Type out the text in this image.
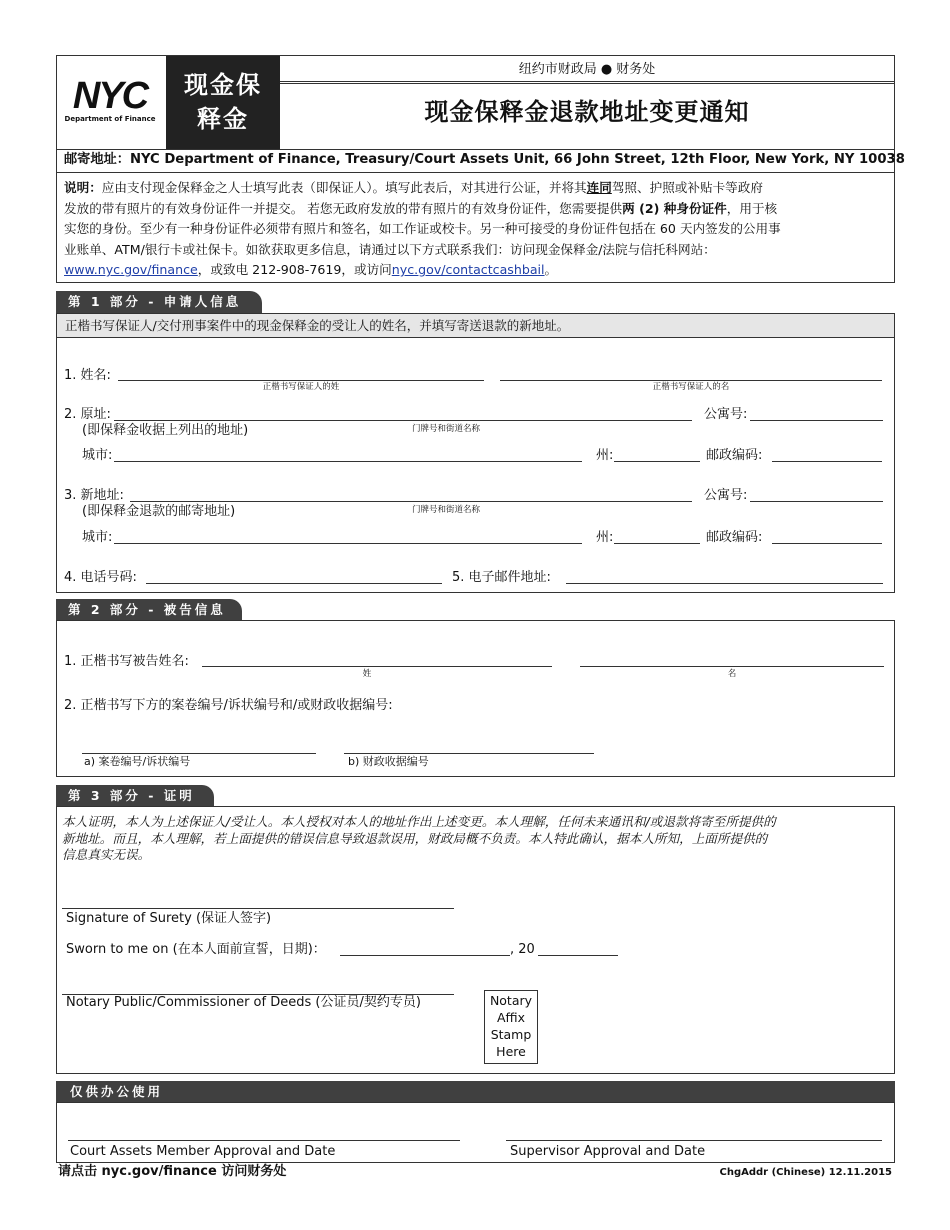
NYC
Department of Finance
现金保
释金
纽约市财政局 ● 财务处
现金保释金退款地址变更通知
邮寄地址：NYC Department of Finance, Treasury/Court Assets Unit, 66 John Street, 12th Floor, New York, NY 10038
说明：应由支付现金保释金之人士填写此表（即保证人）。填写此表后，对其进行公证，并将其连同驾照、护照或补贴卡等政府
发放的带有照片的有效身份证件一并提交。 若您无政府发放的带有照片的有效身份证件，您需要提供两 (2) 种身份证件，用于核
实您的身份。至少有一种身份证件必须带有照片和签名，如工作证或校卡。另一种可接受的身份证件包括在 60 天内签发的公用事
业账单、ATM/银行卡或社保卡。如欲获取更多信息，请通过以下方式联系我们：访问现金保释金/法院与信托科网站：
www.nyc.gov/finance，或致电 212-908-7619，或访问nyc.gov/contactcashbail。
第 1 部分 - 申请人信息
正楷书写保证人/交付刑事案件中的现金保释金的受让人的姓名，并填写寄送退款的新地址。
1. 姓名:
正楷书写保证人的姓	正楷书写保证人的名
2. 原址:
(即保释金收据上列出的地址)	门牌号和街道名称
公寓号:
城市:	州:	邮政编码:
3. 新地址:
(即保释金退款的邮寄地址)	门牌号和街道名称
公寓号:
城市:	州:	邮政编码:
4. 电话号码:	5. 电子邮件地址:
第 2 部分 - 被告信息
1. 正楷书写被告姓名:
姓	名
2. 正楷书写下方的案卷编号/诉状编号和/或财政收据编号:
a) 案卷编号/诉状编号	b) 财政收据编号
第 3 部分 - 证明
本人证明，本人为上述保证人/受让人。本人授权对本人的地址作出上述变更。本人理解，任何未来通讯和/或退款将寄至所提供的
新地址。而且，本人理解，若上面提供的错误信息导致退款误用，财政局概不负责。本人特此确认，据本人所知，上面所提供的
信息真实无误。
Signature of Surety (保证人签字)
Sworn to me on (在本人面前宣誓，日期)：	, 20
Notary Public/Commissioner of Deeds (公证员/契约专员)	Notary
Affix
Stamp
Here
仅供办公使用
Court Assets Member Approval and Date	Supervisor Approval and Date
请点击 nyc.gov/finance 访问财务处	ChgAddr (Chinese) 12.11.2015
